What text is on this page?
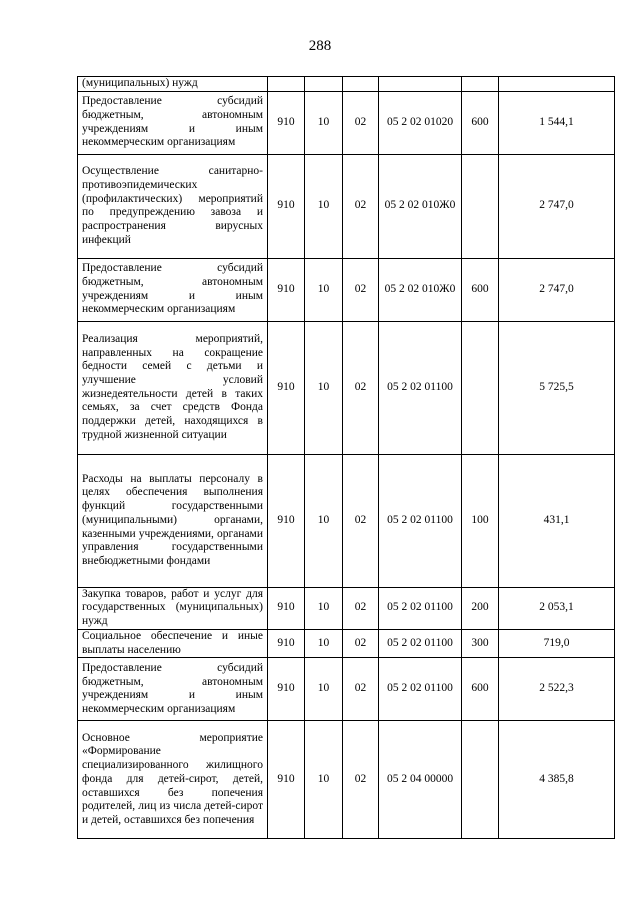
288
(муниципальных) нужд						
Предоставление субсидий бюджетным, автономным учреждениям и иным некоммерческим организациям	910	10	02	05 2 02 01020	600	1 544,1
Осуществление санитарно-противоэпидемических (профилактических) мероприятий по предупреждению завоза и распространения вирусных инфекций	910	10	02	05 2 02 010Ж0		2 747,0
Предоставление субсидий бюджетным, автономным учреждениям и иным некоммерческим организациям	910	10	02	05 2 02 010Ж0	600	2 747,0
Реализация мероприятий, направленных на сокращение бедности семей с детьми и улучшение условий жизнедеятельности детей в таких семьях, за счет средств Фонда поддержки детей, находящихся в трудной жизненной ситуации	910	10	02	05 2 02 01100		5 725,5
Расходы на выплаты персоналу в целях обеспечения выполнения функций государственными (муниципальными) органами, казенными учреждениями, органами управления государственными внебюджетными фондами	910	10	02	05 2 02 01100	100	431,1
Закупка товаров, работ и услуг для государственных (муниципальных) нужд	910	10	02	05 2 02 01100	200	2 053,1
Социальное обеспечение и иные выплаты населению	910	10	02	05 2 02 01100	300	719,0
Предоставление субсидий бюджетным, автономным учреждениям и иным некоммерческим организациям	910	10	02	05 2 02 01100	600	2 522,3
Основное мероприятие «Формирование специализированного жилищного фонда для детей-сирот, детей, оставшихся без попечения родителей, лиц из числа детей-сирот и детей, оставшихся без попечения	910	10	02	05 2 04 00000		4 385,8
